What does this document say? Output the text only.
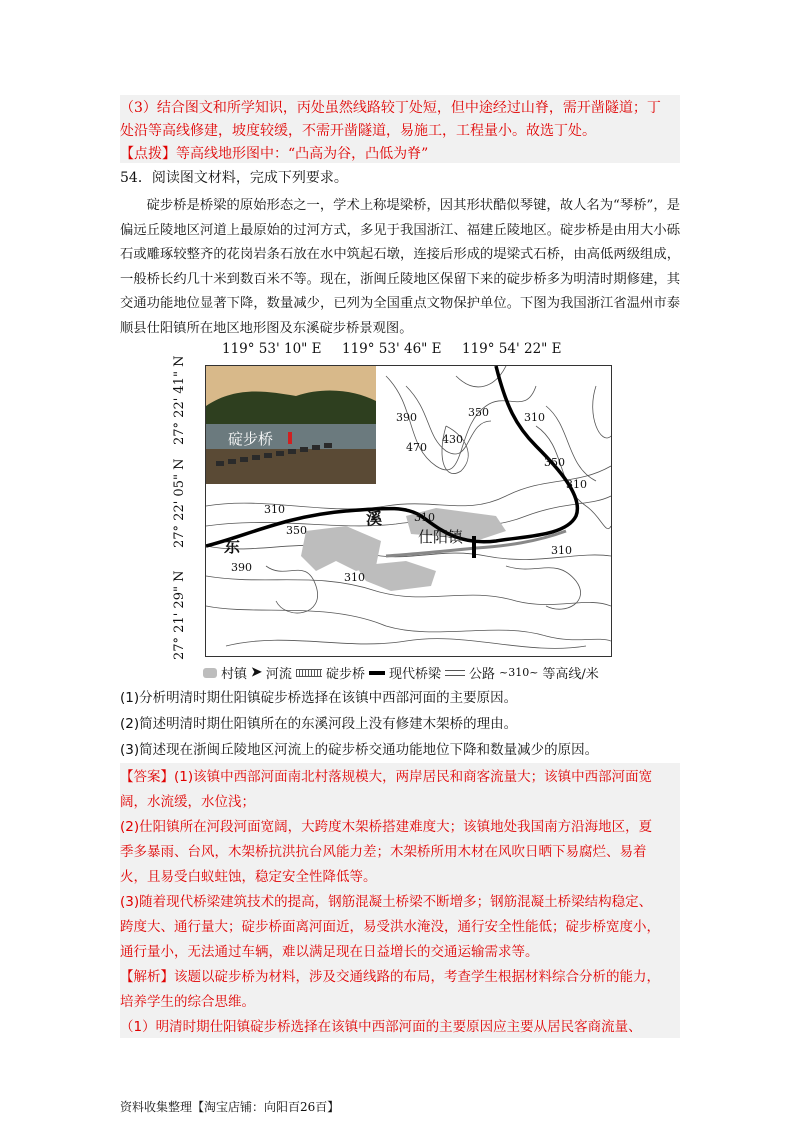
（3）结合图文和所学知识，丙处虽然线路较丁处短，但中途经过山脊，需开凿隧道；丁
处沿等高线修建，坡度较缓，不需开凿隧道，易施工，工程量小。故选丁处。
【点拨】等高线地形图中：“凸高为谷，凸低为脊”
54．阅读图文材料，完成下列要求。
碇步桥是桥梁的原始形态之一，学术上称堤梁桥，因其形状酷似琴键，故人名为“琴桥”，是偏远丘陵地区河道上最原始的过河方式，多见于我国浙江、福建丘陵地区。碇步桥是由用大小砾石或雕琢较整齐的花岗岩条石放在水中筑起石墩，连接后形成的堤梁式石桥，由高低两级组成，一般桥长约几十米到数百米不等。现在，浙闽丘陵地区保留下来的碇步桥多为明清时期修建，其交通功能地位显著下降，数量减少，已列为全国重点文物保护单位。下图为我国浙江省温州市泰顺县仕阳镇所在地区地形图及东溪碇步桥景观图。
119° 53' 10" E 119° 53' 46" E 119° 54' 22" E
27° 22' 41" N
27° 22' 05" N
27° 21' 29" N
碇步桥
仕阳镇
东
溪
390	350
470
430
310
350
310
310
350
390
310
310
310
村镇 ➤ 河流	碇步桥 现代桥梁 公路 ~310~ 等高线/米
(1)分析明清时期仕阳镇碇步桥选择在该镇中西部河面的主要原因。
(2)简述明清时期仕阳镇所在的东溪河段上没有修建木架桥的理由。
(3)简述现在浙闽丘陵地区河流上的碇步桥交通功能地位下降和数量减少的原因。
【答案】(1)该镇中西部河面南北村落规模大，两岸居民和商客流量大；该镇中西部河面宽
阔，水流缓，水位浅；
(2)仕阳镇所在河段河面宽阔，大跨度木架桥搭建难度大；该镇地处我国南方沿海地区，夏
季多暴雨、台风，木架桥抗洪抗台风能力差；木架桥所用木材在风吹日晒下易腐烂、易着
火，且易受白蚁蛀蚀，稳定安全性降低等。
(3)随着现代桥梁建筑技术的提高，钢筋混凝土桥梁不断增多；钢筋混凝土桥梁结构稳定、
跨度大、通行量大；碇步桥面离河面近，易受洪水淹没，通行安全性能低；碇步桥宽度小，
通行量小，无法通过车辆，难以满足现在日益增长的交通运输需求等。
【解析】该题以碇步桥为材料，涉及交通线路的布局，考查学生根据材料综合分析的能力，
培养学生的综合思维。
（1）明清时期仕阳镇碇步桥选择在该镇中西部河面的主要原因应主要从居民客商流量、
资料收集整理【淘宝店铺：向阳百26百】
